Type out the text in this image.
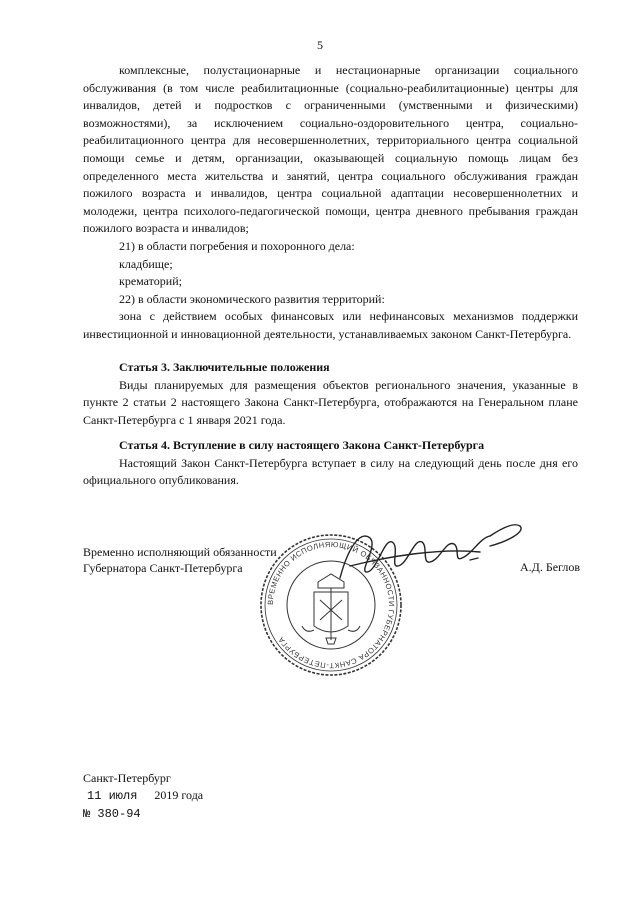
5

комплексные, полустационарные и нестационарные организации социального обслуживания (в том числе реабилитационные (социально-реабилитационные) центры для инвалидов, детей и подростков с ограниченными (умственными и физическими) возможностями), за исключением социально-оздоровительного центра, социально-реабилитационного центра для несовершеннолетних, территориального центра социальной помощи семье и детям, организации, оказывающей социальную помощь лицам без определенного места жительства и занятий, центра социального обслуживания граждан пожилого возраста и инвалидов, центра социальной адаптации несовершеннолетних и молодежи, центра психолого-педагогической помощи, центра дневного пребывания граждан пожилого возраста и инвалидов;

21) в области погребения и похоронного дела:

кладбище;

крематорий;

22) в области экономического развития территорий:

зона с действием особых финансовых или нефинансовых механизмов поддержки инвестиционной и инновационной деятельности, устанавливаемых законом Санкт-Петербурга.

Статья 3. Заключительные положения

Виды планируемых для размещения объектов регионального значения, указанные в пункте 2 статьи 2 настоящего Закона Санкт-Петербурга, отображаются на Генеральном плане Санкт-Петербурга с 1 января 2021 года.

Статья 4. Вступление в силу настоящего Закона Санкт-Петербурга

Настоящий Закон Санкт-Петербурга вступает в силу на следующий день после дня его официального опубликования.

ВРЕМЕННО ИСПОЛНЯЮЩИЙ ОБЯЗАННОСТИ ГУБЕРНАТОРА САНКТ-ПЕТЕРБУРГА
Временно исполняющий обязанности
Губернатора Санкт-Петербурга	А.Д. Беглов
Санкт-Петербург
11 июля 2019 года
№ 380-94
